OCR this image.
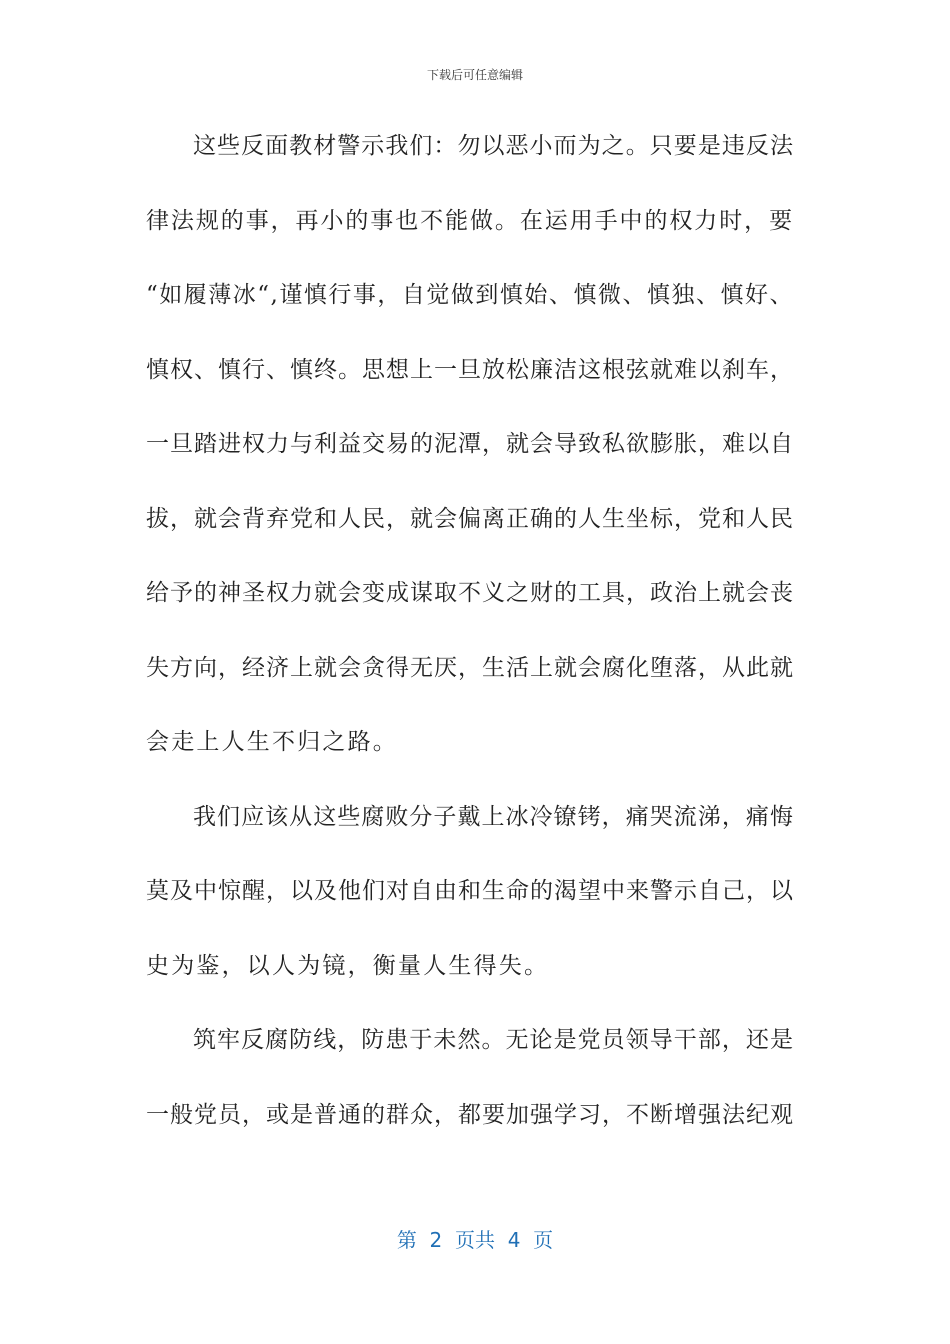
下载后可任意编辑
这些反面教材警示我们：勿以恶小而为之。只要是违反法
律法规的事，再小的事也不能做。在运用手中的权力时，要
“如履薄冰“,谨慎行事，自觉做到慎始、慎微、慎独、慎好、
慎权、慎行、慎终。思想上一旦放松廉洁这根弦就难以刹车，
一旦踏进权力与利益交易的泥潭，就会导致私欲膨胀，难以自
拔，就会背弃党和人民，就会偏离正确的人生坐标，党和人民
给予的神圣权力就会变成谋取不义之财的工具，政治上就会丧
失方向，经济上就会贪得无厌，生活上就会腐化堕落，从此就
会走上人生不归之路。
我们应该从这些腐败分子戴上冰冷镣铐，痛哭流涕，痛悔
莫及中惊醒，以及他们对自由和生命的渴望中来警示自己，以
史为鉴，以人为镜，衡量人生得失。
筑牢反腐防线，防患于未然。无论是党员领导干部，还是
一般党员，或是普通的群众，都要加强学习，不断增强法纪观
第  2  页共  4  页
